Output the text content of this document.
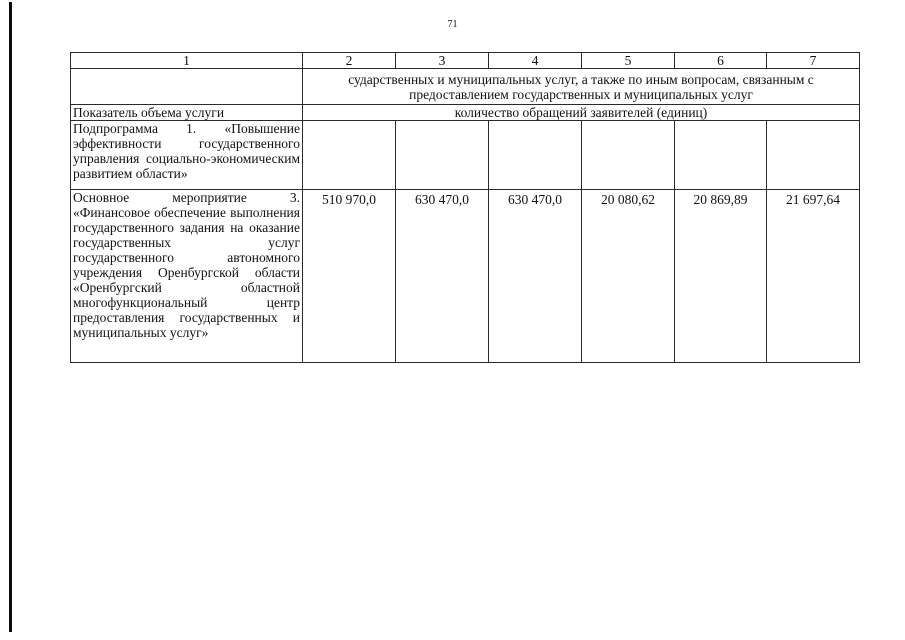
71
1	2	3	4	5	6	7
	сударственных и муниципальных услуг, а также по иным вопросам, связанным с предоставлением государственных и муниципальных услуг					
Показатель объема услуги	количество обращений заявителей (единиц)					
Подпрограмма 1. «Повышение эффективности государственного управления социально-экономическим развитием области»						
Основное мероприятие 3. «Финансовое обеспечение выполнения государственного задания на оказание государственных услуг государственного автономного учреждения Оренбургской области «Оренбургский областной многофункциональный центр предоставления государственных и муниципальных услуг»	510 970,0	630 470,0	630 470,0	20 080,62	20 869,89	21 697,64
